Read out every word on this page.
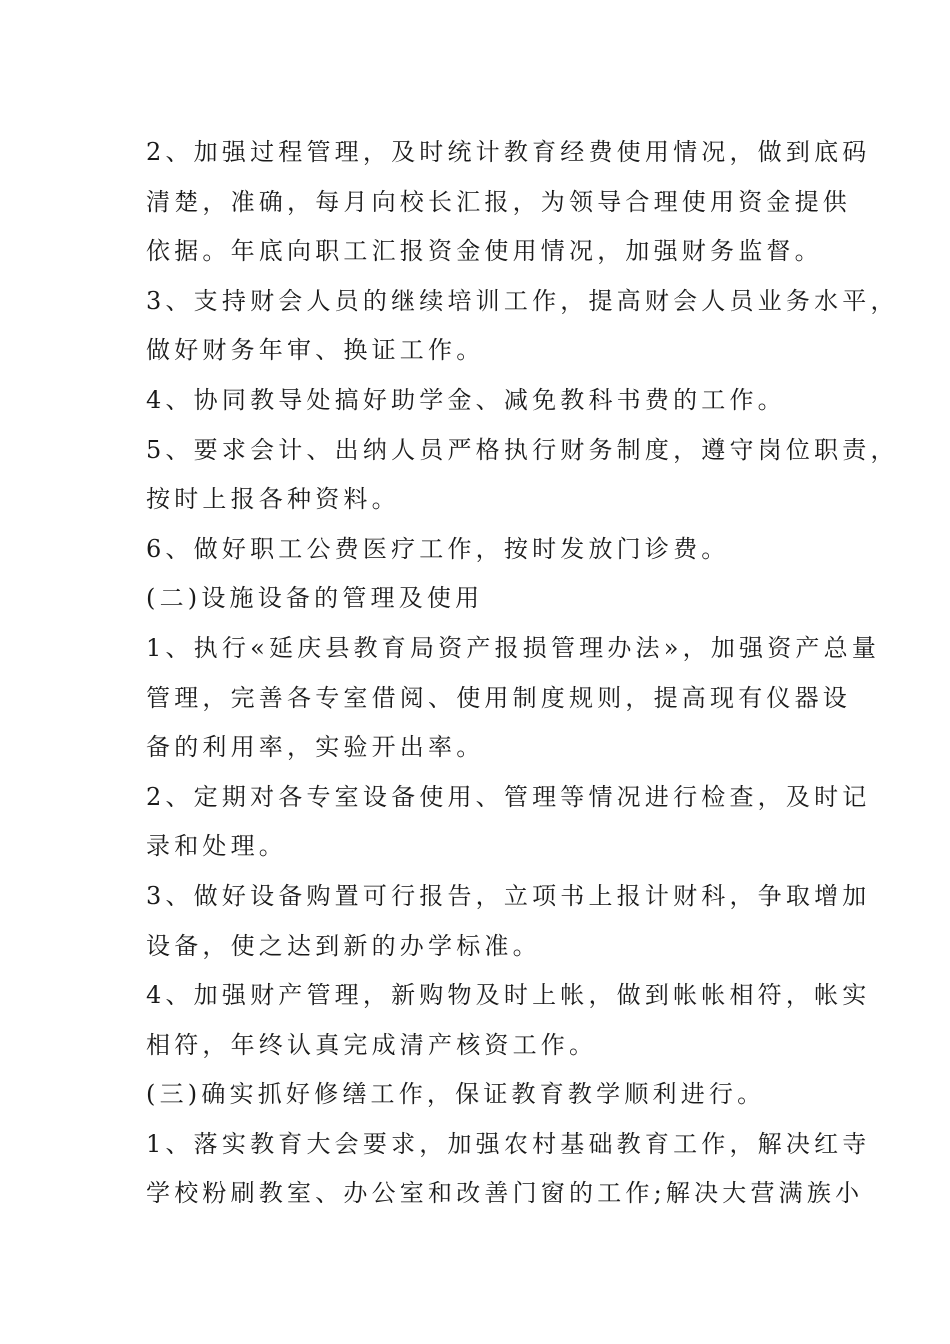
2、加强过程管理，及时统计教育经费使用情况，做到底码
清楚，准确，每月向校长汇报，为领导合理使用资金提供
依据。年底向职工汇报资金使用情况，加强财务监督。
3、支持财会人员的继续培训工作，提高财会人员业务水平，
做好财务年审、换证工作。
4、协同教导处搞好助学金、减免教科书费的工作。
5、要求会计、出纳人员严格执行财务制度，遵守岗位职责，
按时上报各种资料。
6、做好职工公费医疗工作，按时发放门诊费。
(二)设施设备的管理及使用
1、执行«延庆县教育局资产报损管理办法»，加强资产总量
管理，完善各专室借阅、使用制度规则，提高现有仪器设
备的利用率，实验开出率。
2、定期对各专室设备使用、管理等情况进行检查，及时记
录和处理。
3、做好设备购置可行报告，立项书上报计财科，争取增加
设备，使之达到新的办学标准。
4、加强财产管理，新购物及时上帐，做到帐帐相符，帐实
相符，年终认真完成清产核资工作。
(三)确实抓好修缮工作，保证教育教学顺利进行。
1、落实教育大会要求，加强农村基础教育工作，解决红寺
学校粉刷教室、办公室和改善门窗的工作;解决大营满族小
